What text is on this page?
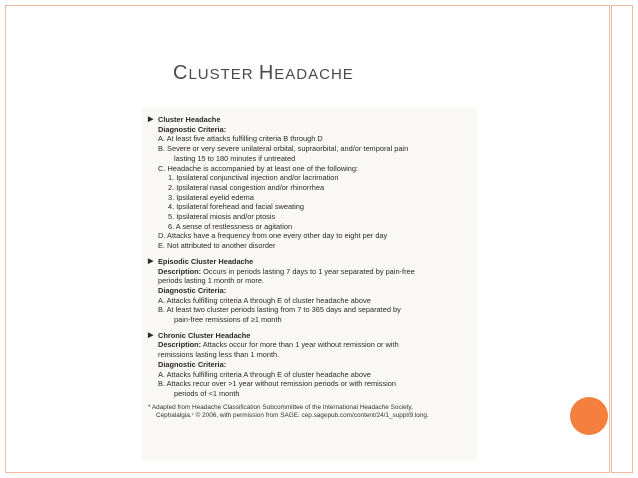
CLUSTER HEADACHE
▶ Cluster Headache
Diagnostic Criteria:
A. At least five attacks fulfilling criteria B through D
B. Severe or very severe unilateral orbital, supraorbital, and/or temporal pain
lasting 15 to 180 minutes if untreated
C. Headache is accompanied by at least one of the following:
1. Ipsilateral conjunctival injection and/or lacrimation
2. Ipsilateral nasal congestion and/or rhinorrhea
3. Ipsilateral eyelid edema
4. Ipsilateral forehead and facial sweating
5. Ipsilateral miosis and/or ptosis
6. A sense of restlessness or agitation
D. Attacks have a frequency from one every other day to eight per day
E. Not attributed to another disorder
▶ Episodic Cluster Headache
Description: Occurs in periods lasting 7 days to 1 year separated by pain-free
periods lasting 1 month or more.
Diagnostic Criteria:
A. Attacks fulfilling criteria A through E of cluster headache above
B. At least two cluster periods lasting from 7 to 365 days and separated by
pain-free remissions of ≥1 month
▶ Chronic Cluster Headache
Description: Attacks occur for more than 1 year without remission or with
remissions lasting less than 1 month.
Diagnostic Criteria:
A. Attacks fulfilling criteria A through E of cluster headache above
B. Attacks recur over >1 year without remission periods or with remission
periods of <1 month
* Adapted from Headache Classification Subcommittee of the International Headache Society,
Cephalalgia.⁷ © 2006, with permission from SAGE. cep.sagepub.com/content/24/1_suppl/9.long.
